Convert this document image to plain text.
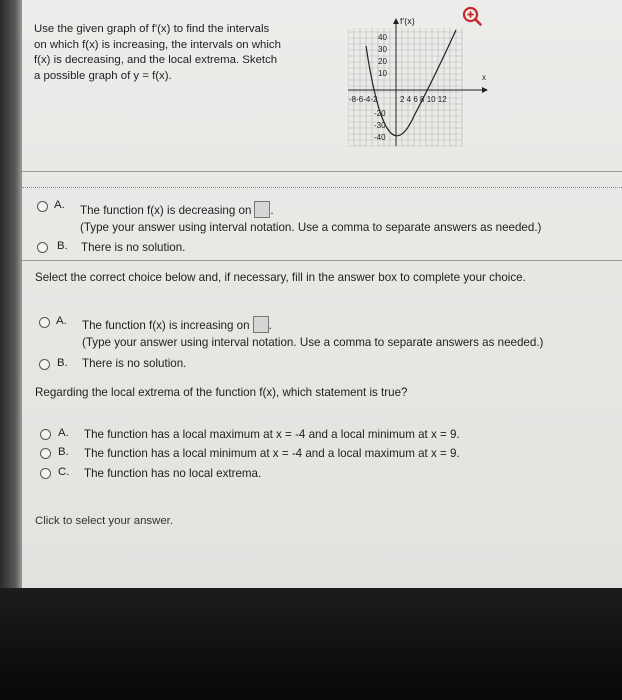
Use the given graph of f'(x) to find the intervals
on which f(x) is increasing, the intervals on which
f(x) is decreasing, and the local extrema. Sketch
a possible graph of y = f(x).
f'(x)
x
40
30
20
10
-8-6-4-2	2 4 6 8 10 12
-20
-30
-40
A. The function f(x) is decreasing on .
(Type your answer using interval notation. Use a comma to separate answers as needed.)
B. There is no solution.
Select the correct choice below and, if necessary, fill in the answer box to complete your choice.
A. The function f(x) is increasing on .
(Type your answer using interval notation. Use a comma to separate answers as needed.)
B. There is no solution.
Regarding the local extrema of the function f(x), which statement is true?
A. The function has a local maximum at x = -4 and a local minimum at x = 9.
B. The function has a local minimum at x = -4 and a local maximum at x = 9.
C. The function has no local extrema.
Click to select your answer.
